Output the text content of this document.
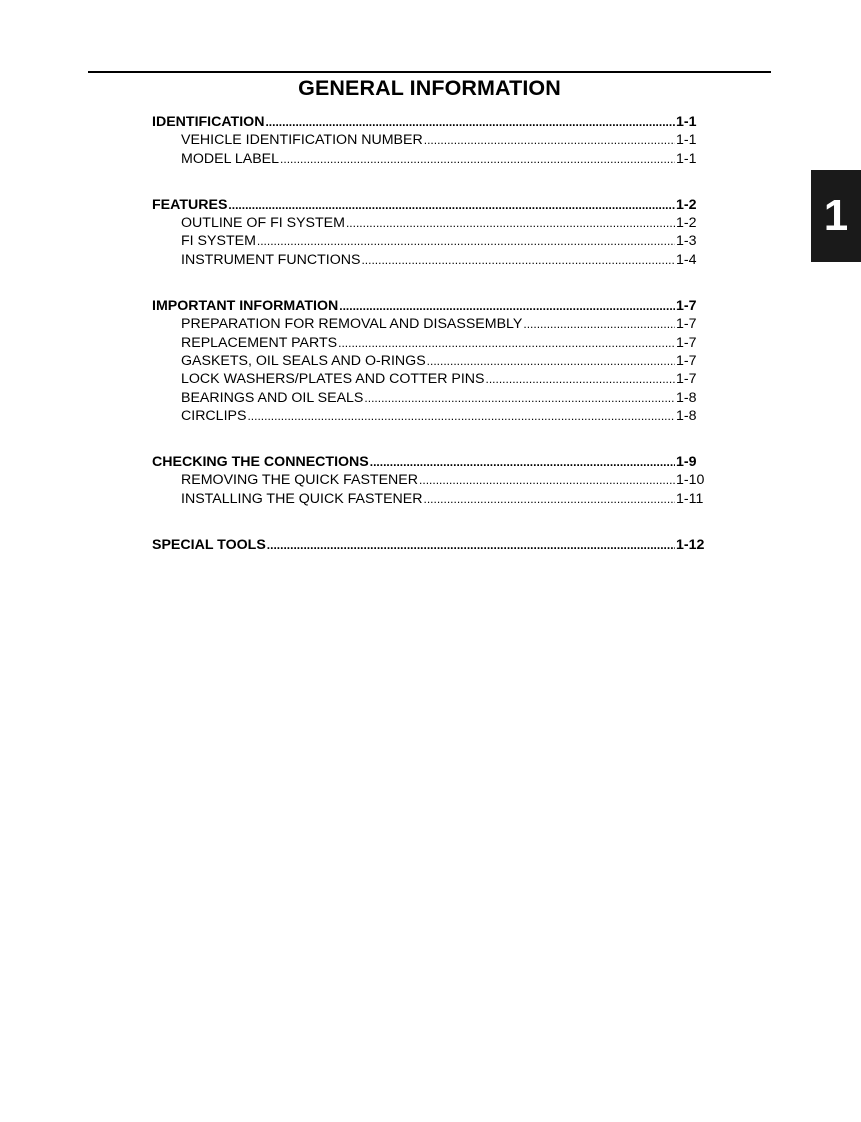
GENERAL INFORMATION
1
IDENTIFICATION .....	1-1
VEHICLE IDENTIFICATION NUMBER .....	1-1
MODEL LABEL .....	1-1
FEATURES .....	1-2
OUTLINE OF FI SYSTEM .....	1-2
FI SYSTEM .....	1-3
INSTRUMENT FUNCTIONS .....	1-4
IMPORTANT INFORMATION .....	1-7
PREPARATION FOR REMOVAL AND DISASSEMBLY .....	1-7
REPLACEMENT PARTS .....	1-7
GASKETS, OIL SEALS AND O-RINGS .....	1-7
LOCK WASHERS/PLATES AND COTTER PINS .....	1-7
BEARINGS AND OIL SEALS .....	1-8
CIRCLIPS .....	1-8
CHECKING THE CONNECTIONS .....	1-9
REMOVING THE QUICK FASTENER .....	1-10
INSTALLING THE QUICK FASTENER .....	1-11
SPECIAL TOOLS .....	1-12
